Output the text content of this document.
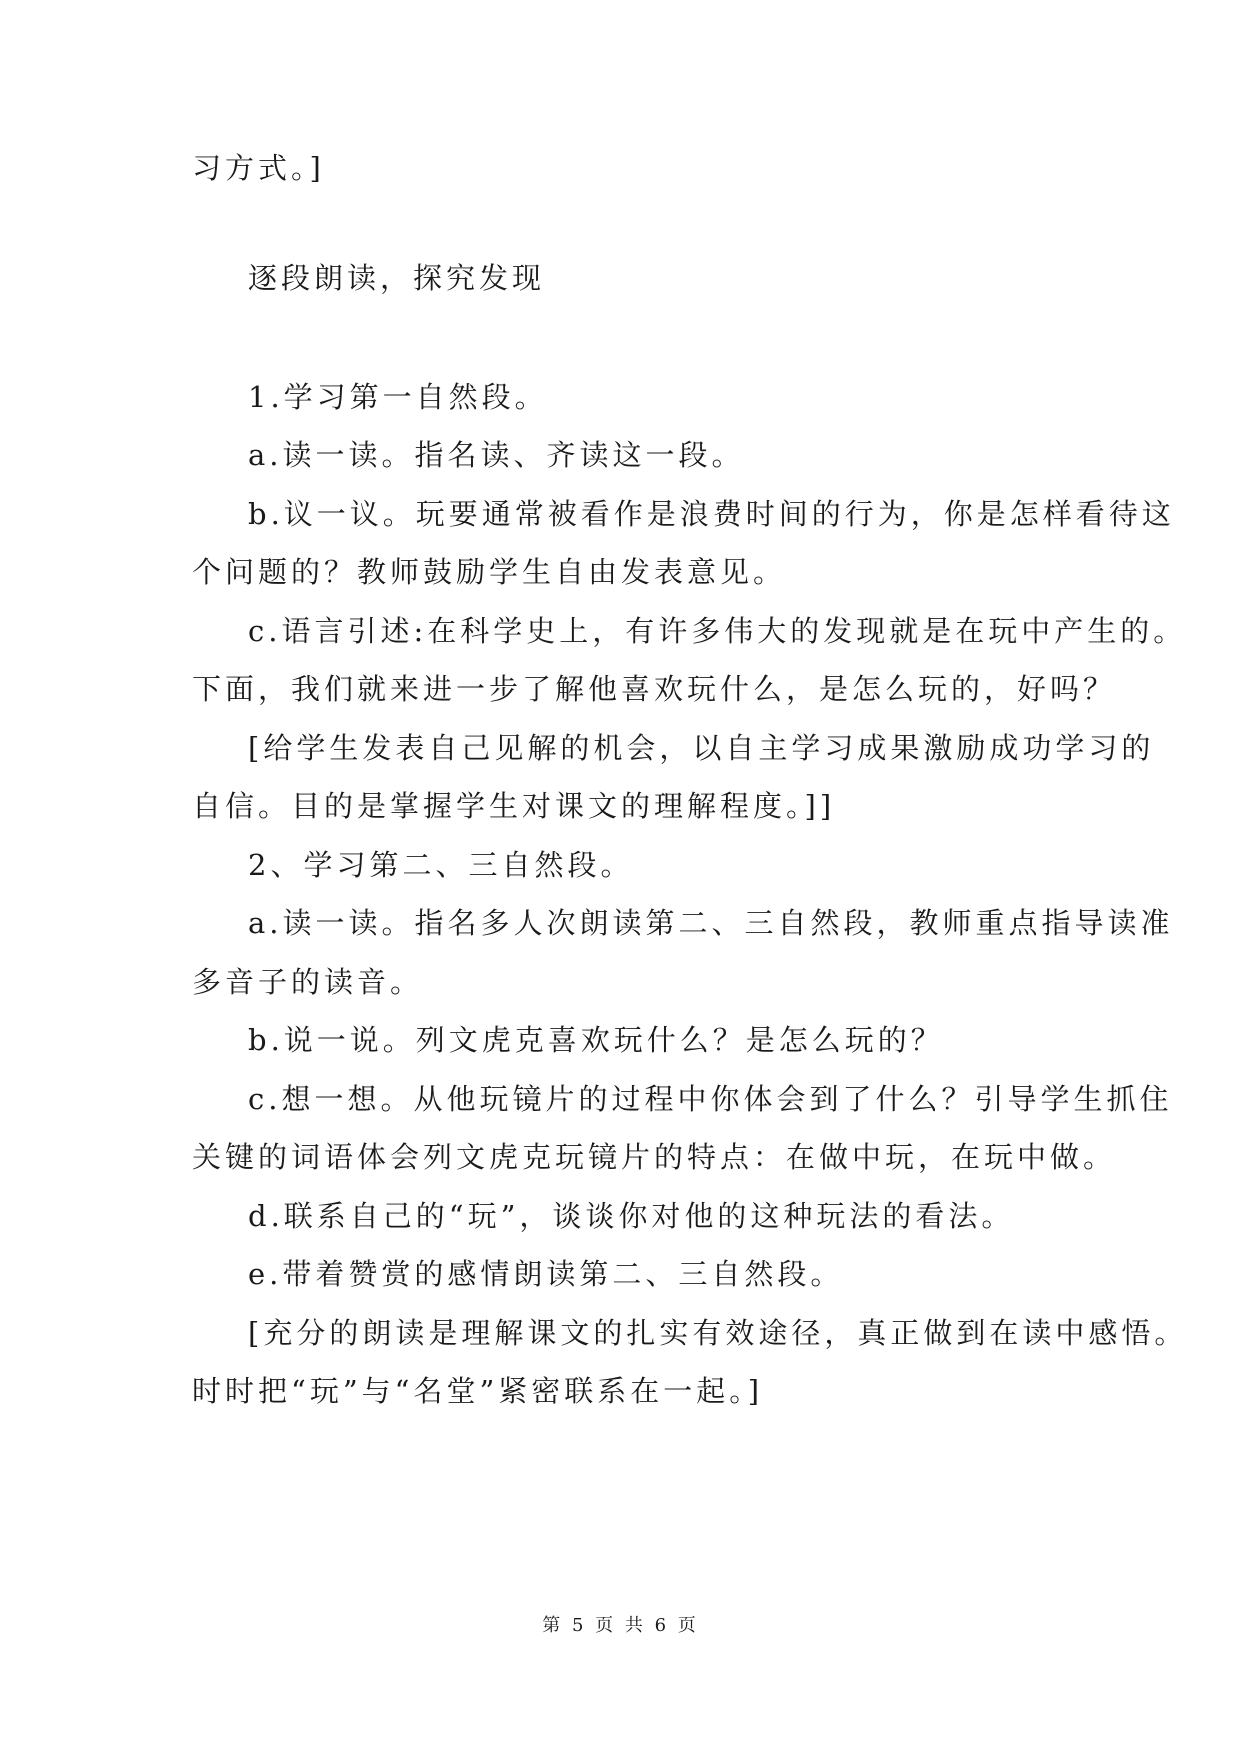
习方式。]
逐段朗读，探究发现
1.学习第一自然段。
a.读一读。指名读、齐读这一段。
b.议一议。玩要通常被看作是浪费时间的行为，你是怎样看待这
个问题的？教师鼓励学生自由发表意见。
c.语言引述:在科学史上，有许多伟大的发现就是在玩中产生的。
下面，我们就来进一步了解他喜欢玩什么，是怎么玩的，好吗？
[给学生发表自己见解的机会，以自主学习成果激励成功学习的
自信。目的是掌握学生对课文的理解程度。]]
2、学习第二、三自然段。
a.读一读。指名多人次朗读第二、三自然段，教师重点指导读准
多音子的读音。
b.说一说。列文虎克喜欢玩什么？是怎么玩的？
c.想一想。从他玩镜片的过程中你体会到了什么？引导学生抓住
关键的词语体会列文虎克玩镜片的特点：在做中玩，在玩中做。
d.联系自己的“玩”，谈谈你对他的这种玩法的看法。
e.带着赞赏的感情朗读第二、三自然段。
[充分的朗读是理解课文的扎实有效途径，真正做到在读中感悟。
时时把“玩”与“名堂”紧密联系在一起。]
第 5 页 共 6 页
